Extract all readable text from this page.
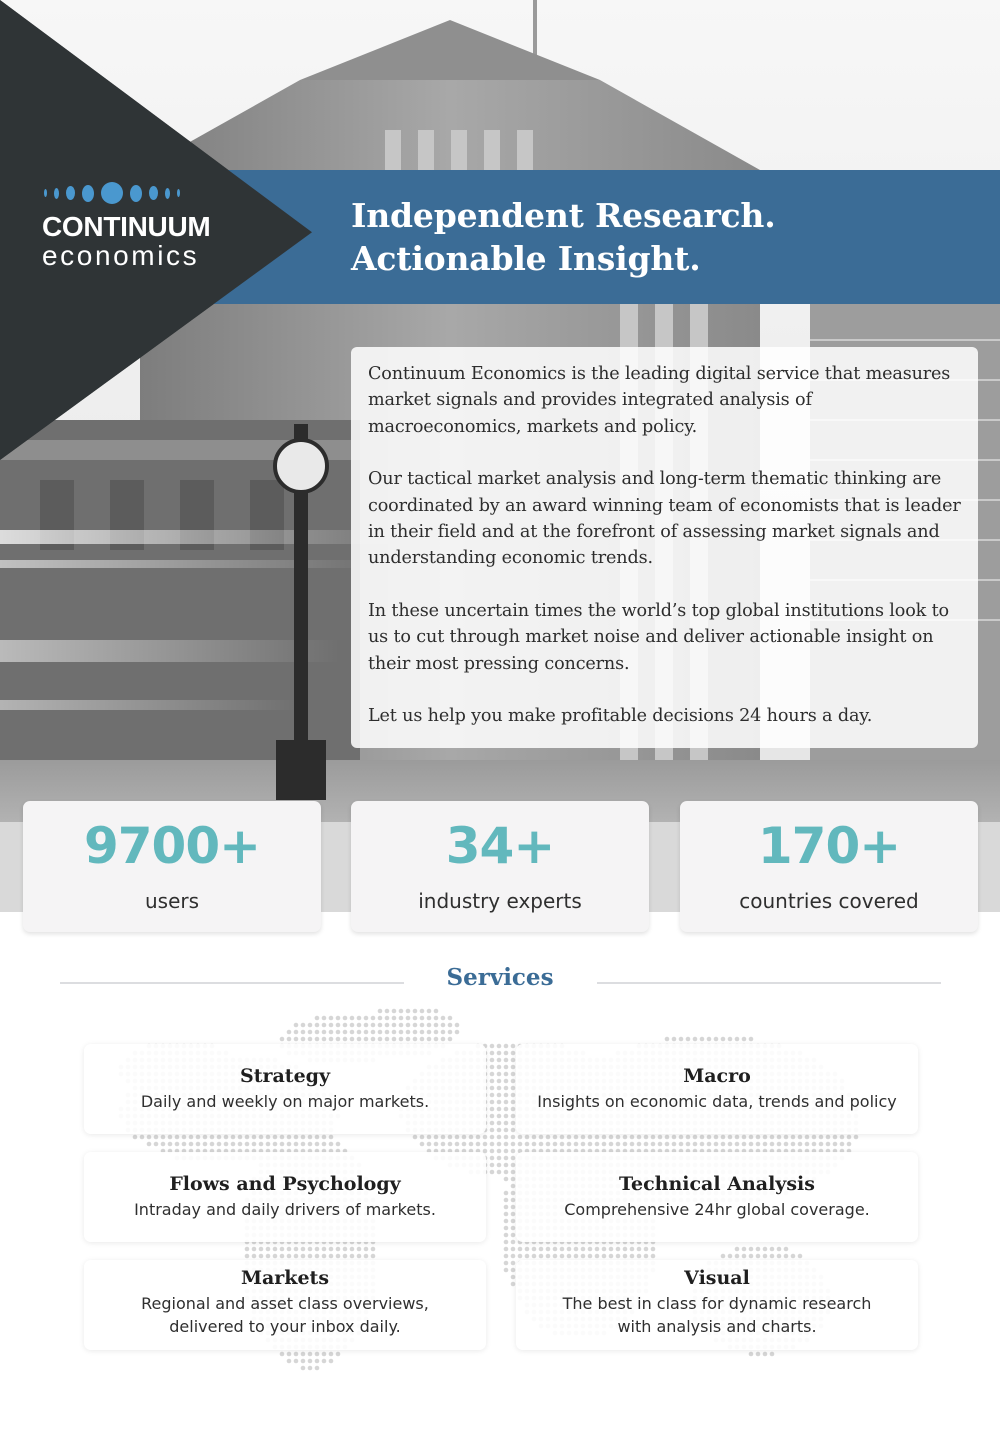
CONTINUUM
economics
Independent Research.
Actionable Insight.

Continuum Economics is the leading digital service that measures market signals and provides integrated analysis of macroeconomics, markets and policy.

Our tactical market analysis and long-term thematic thinking are coordinated by an award winning team of economists that is leader in their field and at the forefront of assessing market signals and understanding economic trends.

In these uncertain times the world’s top global institutions look to us to cut through market noise and deliver actionable insight on their most pressing concerns.

Let us help you make profitable decisions 24 hours a day.

9700+
users
34+
industry experts
170+
countries covered
Services
Strategy
Daily and weekly on major markets.
Macro
Insights on economic data, trends and policy
Flows and Psychology
Intraday and daily drivers of markets.
Technical Analysis
Comprehensive 24hr global coverage.
Markets
Regional and asset class overviews,
delivered to your inbox daily.
Visual
The best in class for dynamic research
with analysis and charts.
